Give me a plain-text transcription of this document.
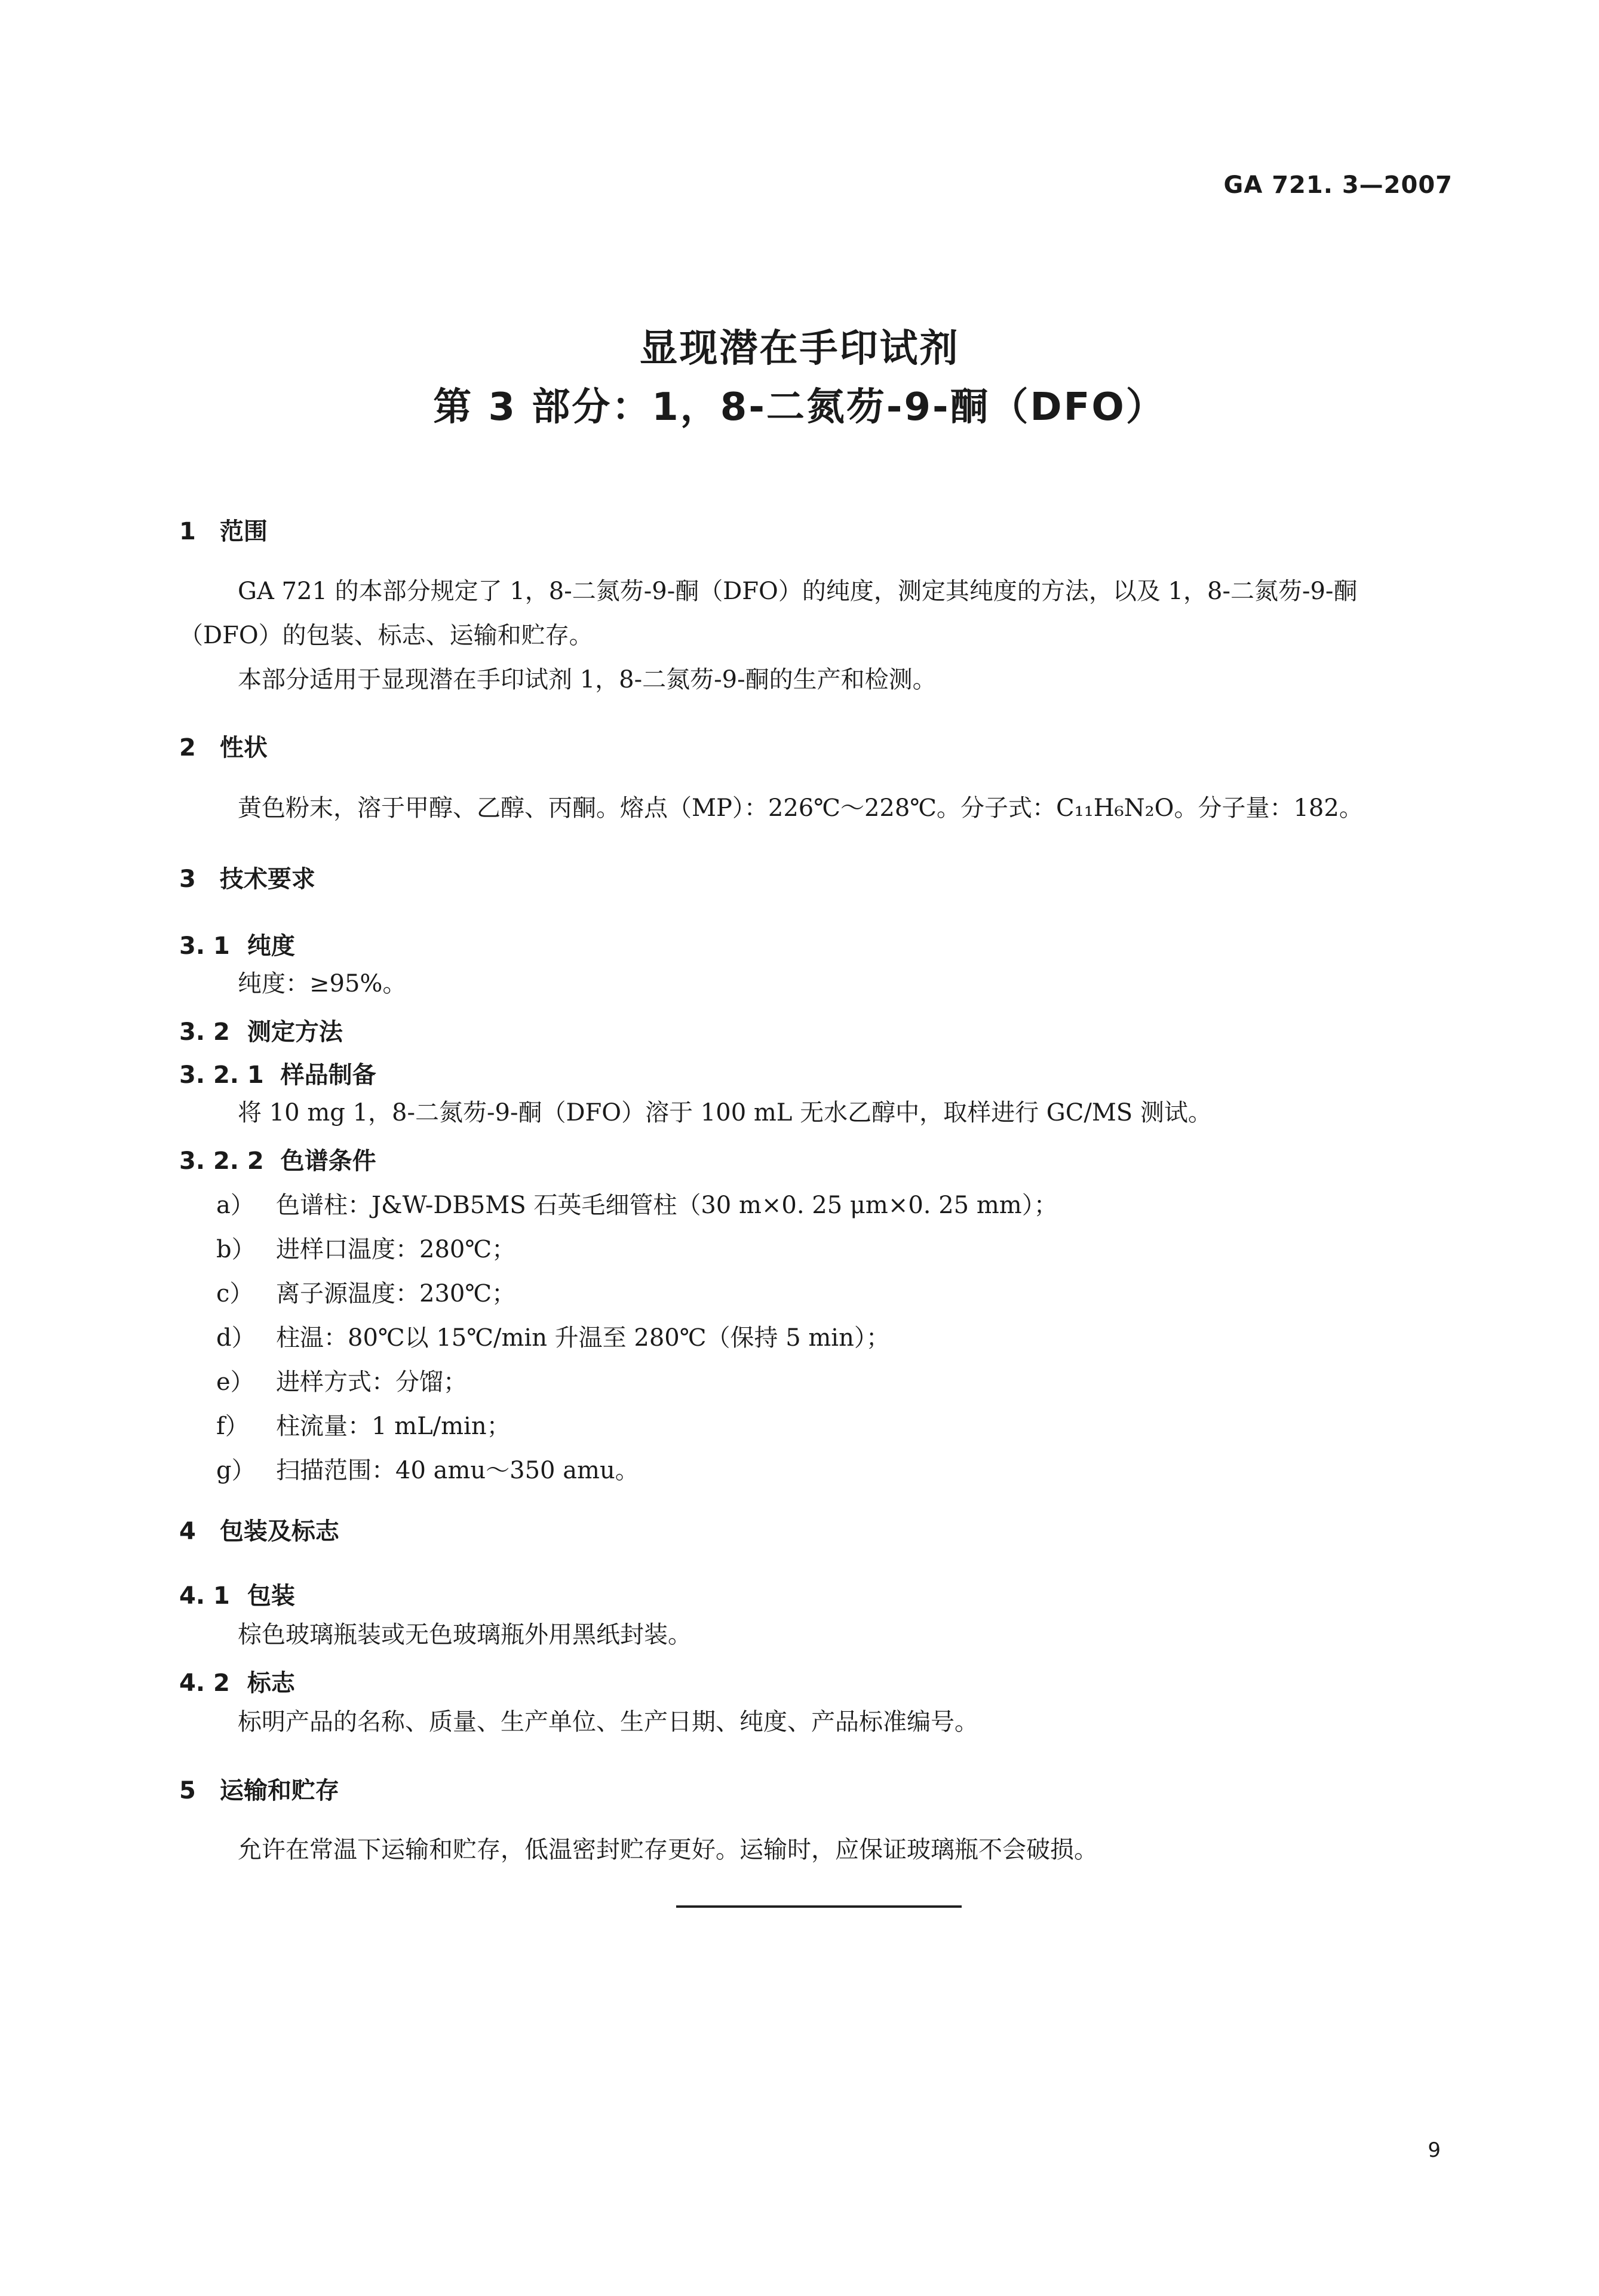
GA 721. 3—2007
显现潜在手印试剂
第 3 部分：1，8-二氮芴-9-酮（DFO）
1 范围
GA 721 的本部分规定了 1，8-二氮芴-9-酮（DFO）的纯度，测定其纯度的方法，以及 1，8-二氮芴-9-酮
（DFO）的包装、标志、运输和贮存。
本部分适用于显现潜在手印试剂 1，8-二氮芴-9-酮的生产和检测。
2 性状
黄色粉末，溶于甲醇、乙醇、丙酮。熔点（MP）：226℃～228℃。分子式：C₁₁H₆N₂O。分子量：182。
3 技术要求
3. 1 纯度
纯度：≥95%。
3. 2 测定方法
3. 2. 1 样品制备
将 10 mg 1，8-二氮芴-9-酮（DFO）溶于 100 mL 无水乙醇中，取样进行 GC/MS 测试。
3. 2. 2 色谱条件
a） 色谱柱：J&W-DB5MS 石英毛细管柱（30 m×0. 25 μm×0. 25 mm）；
b） 进样口温度：280℃；
c） 离子源温度：230℃；
d） 柱温：80℃以 15℃/min 升温至 280℃（保持 5 min）；
e） 进样方式：分馏；
f） 柱流量：1 mL/min；
g） 扫描范围：40 amu～350 amu。
4 包装及标志
4. 1 包装
棕色玻璃瓶装或无色玻璃瓶外用黑纸封装。
4. 2 标志
标明产品的名称、质量、生产单位、生产日期、纯度、产品标准编号。
5 运输和贮存
允许在常温下运输和贮存，低温密封贮存更好。运输时，应保证玻璃瓶不会破损。
9
